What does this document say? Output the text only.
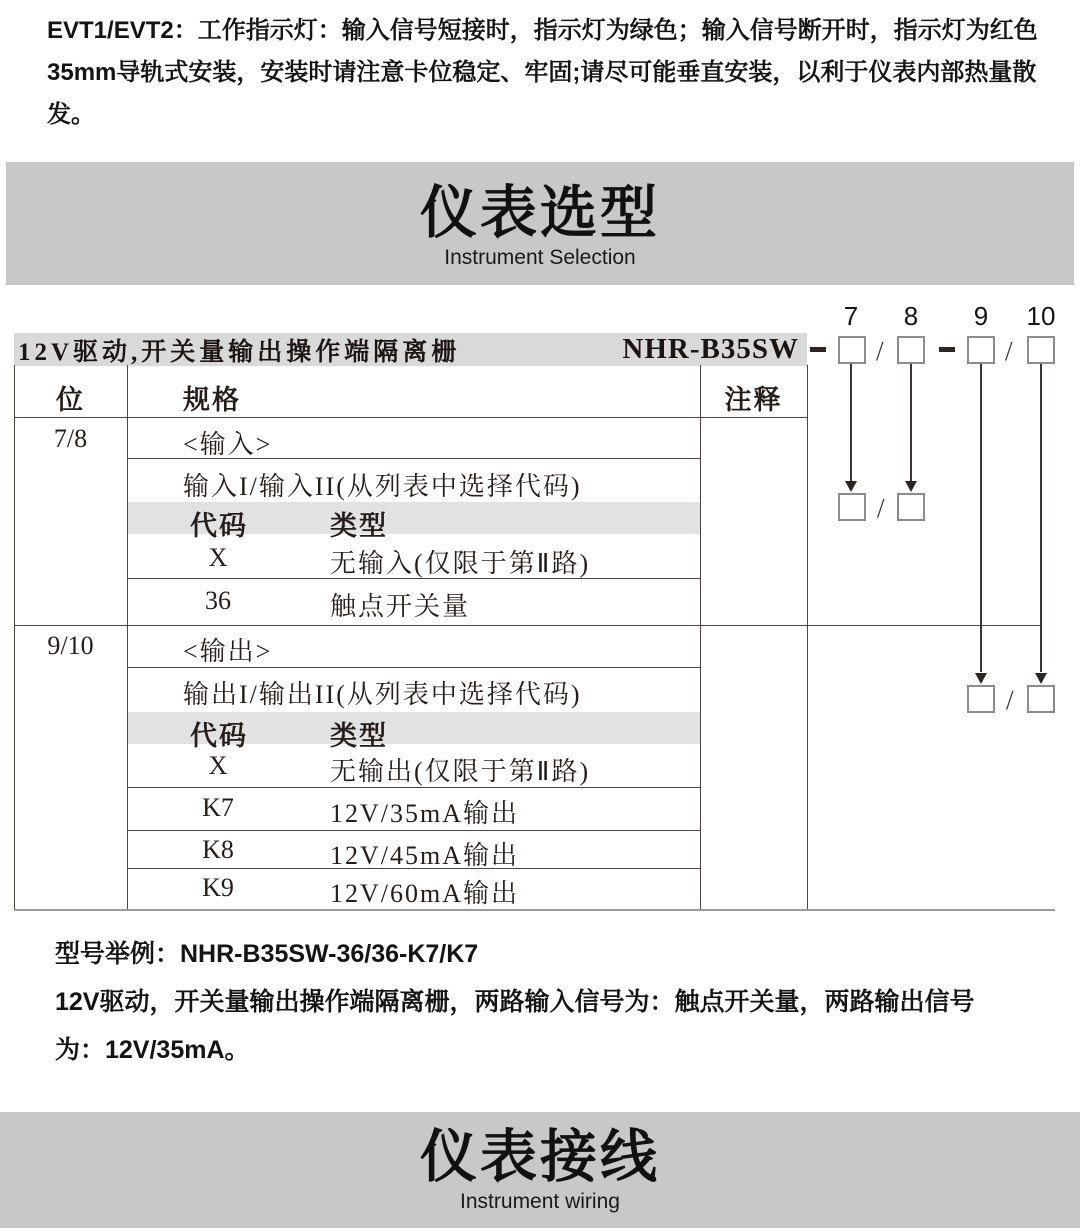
EVT1/EVT2：工作指示灯：输入信号短接时，指示灯为绿色；输入信号断开时，指示灯为红色
35mm导轨式安装，安装时请注意卡位稳定、牢固;请尽可能垂直安装，以利于仪表内部热量散发。
仪表选型
Instrument Selection
7 8 9 10
/	/
12V驱动,开关量输出操作端隔离栅	NHR-B35SW
位	规格	注释
7/8	<输入>
输入I/输入II(从列表中选择代码)
代码	类型
X	无输入(仅限于第Ⅱ路)
36	触点开关量
9/10	<输出>
输出I/输出II(从列表中选择代码)
代码	类型
X	无输出(仅限于第Ⅱ路)
K7	12V/35mA输出
K8	12V/45mA输出
K9	12V/60mA输出
/
/
型号举例：NHR-B35SW-36/36-K7/K7
12V驱动，开关量输出操作端隔离栅，两路输入信号为：触点开关量，两路输出信号
为：12V/35mA。
仪表接线
Instrument wiring
